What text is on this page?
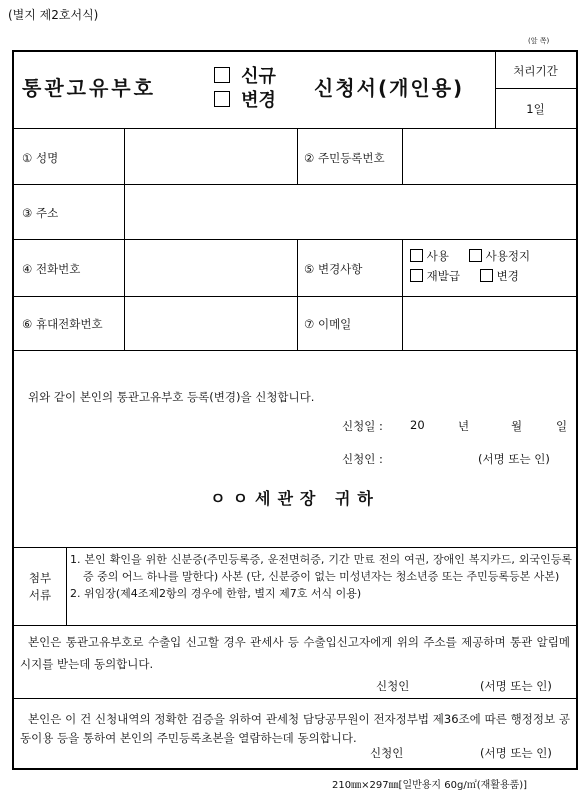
(별지 제2호서식)
(앞 쪽)
통관고유부호	신규
변경
신청서(개인용)
처리기간
1일
① 성명	② 주민등록번호
③ 주소
④ 전화번호	⑤ 변경사항
사용	사용정지
재발급	변경
⑥ 휴대전화번호	⑦ 이메일
위와 같이 본인의 통관고유부호 등록(변경)을 신청합니다.
신청일 : 20	년	월	일
신청인 :	(서명 또는 인)
ㅇㅇ세관장 귀하
첨부
서류
1. 본인 확인을 위한 신분증(주민등록증, 운전면허증, 기간 만료 전의 여권, 장애인 복지카드, 외국인등록증 중의 어느 하나를 말한다) 사본 (단, 신분증이 없는 미성년자는 청소년증 또는 주민등록등본 사본)
2. 위임장(제4조제2항의 경우에 한함, 별지 제7호 서식 이용)
본인은 통관고유부호로 수출입 신고할 경우 관세사 등 수출입신고자에게 위의 주소를 제공하며 통관 알림메시지를 받는데 동의합니다.
신청인	(서명 또는 인)
본인은 이 건 신청내역의 정확한 검증을 위하여 관세청 담당공무원이 전자정부법 제36조에 따른 행정정보 공동이용 등을 통하여 본인의 주민등록초본을 열람하는데 동의합니다.
신청인	(서명 또는 인)
210㎜×297㎜[일반용지 60g/㎡(재활용품)]
